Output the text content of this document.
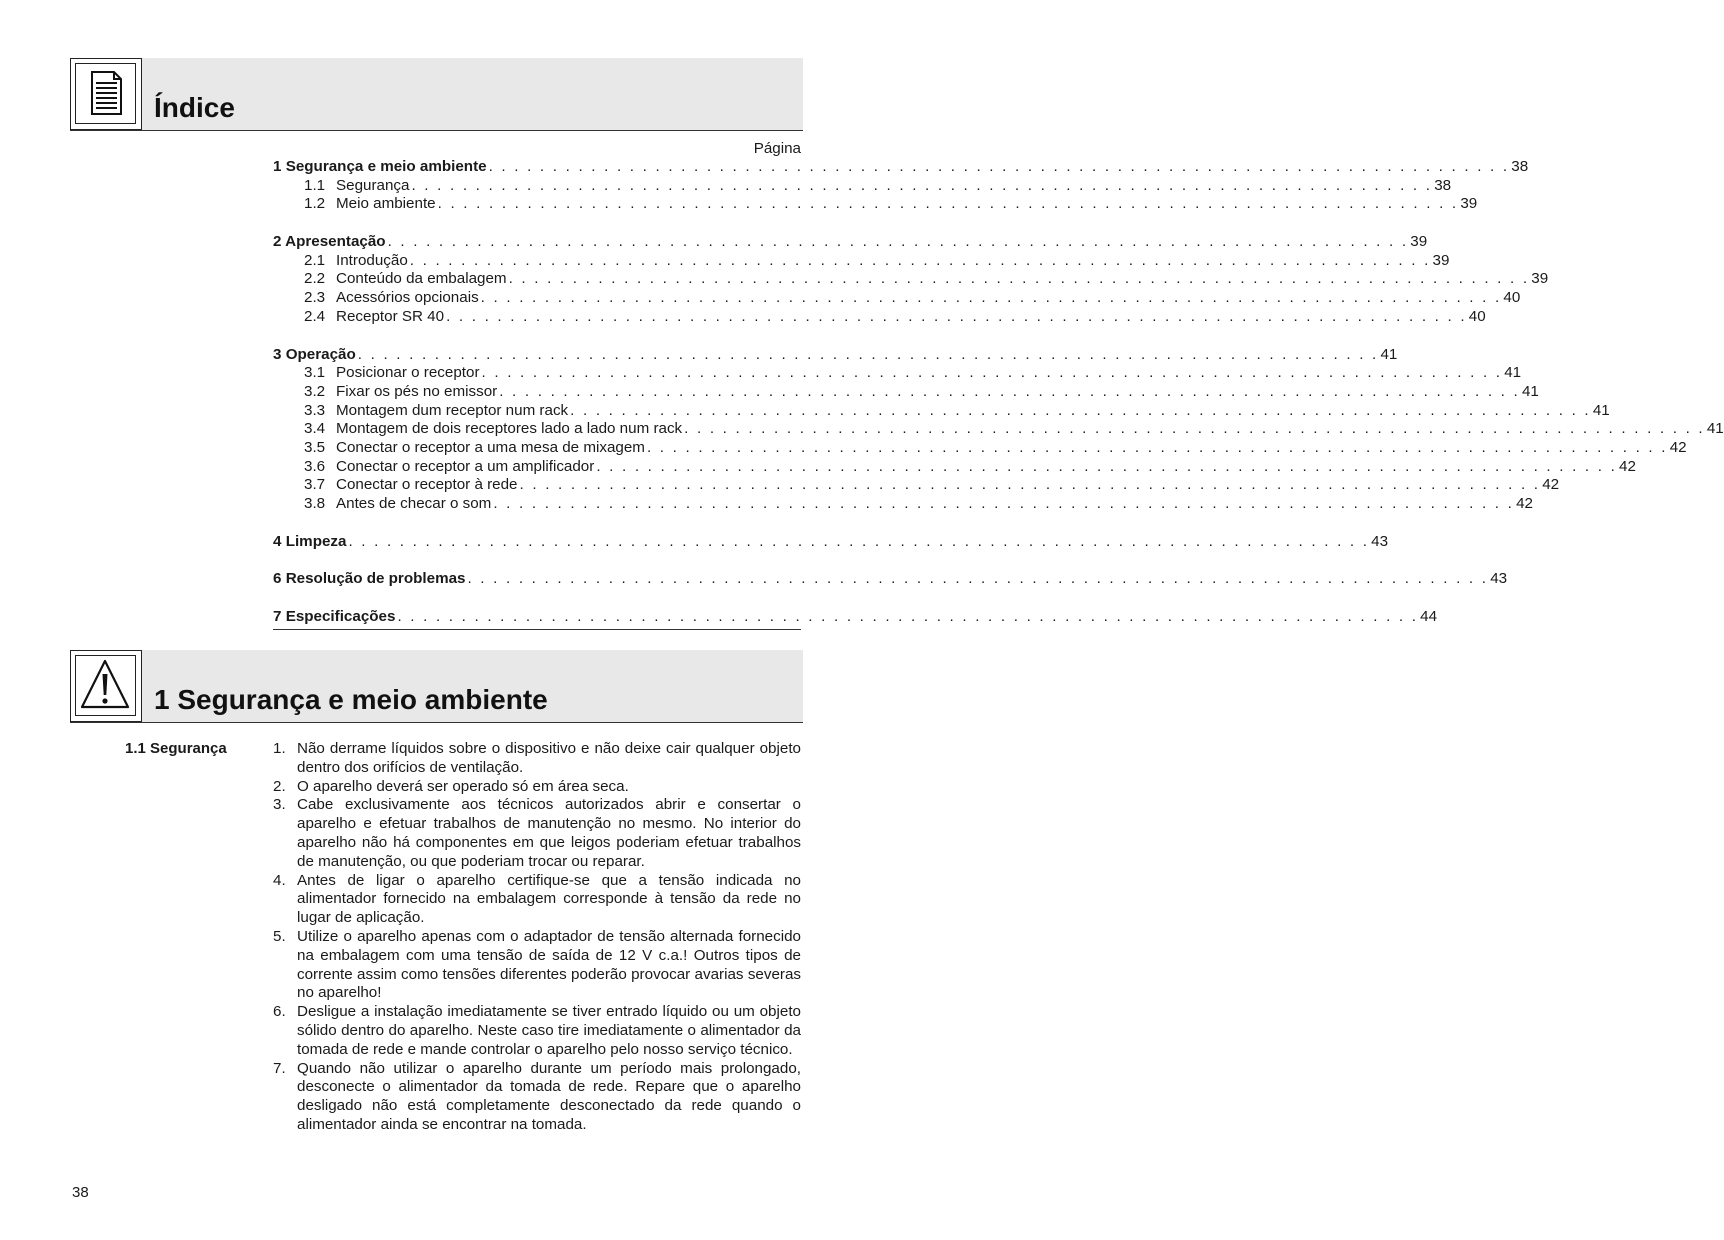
Índice
Página
1 Segurança e meio ambiente . . . . . . . . . . . . . . . . . . . . . . . . . . . . . . . . . . . . . . . . . . . . . . . . . . . . . . . . . . . . . . . . . . . . . . . . . . . . . . . . 38
1.1 Segurança . . . . . . . . . . . . . . . . . . . . . . . . . . . . . . . . . . . . . . . . . . . . . . . . . . . . . . . . . . . . . . . . . . . . . . . . . . . . . . . . 38
1.2 Meio ambiente . . . . . . . . . . . . . . . . . . . . . . . . . . . . . . . . . . . . . . . . . . . . . . . . . . . . . . . . . . . . . . . . . . . . . . . . . . . . . . . . 39
2 Apresentação . . . . . . . . . . . . . . . . . . . . . . . . . . . . . . . . . . . . . . . . . . . . . . . . . . . . . . . . . . . . . . . . . . . . . . . . . . . . . . . . 39
2.1 Introdução . . . . . . . . . . . . . . . . . . . . . . . . . . . . . . . . . . . . . . . . . . . . . . . . . . . . . . . . . . . . . . . . . . . . . . . . . . . . . . . . 39
2.2 Conteúdo da embalagem . . . . . . . . . . . . . . . . . . . . . . . . . . . . . . . . . . . . . . . . . . . . . . . . . . . . . . . . . . . . . . . . . . . . . . . . . . . . . . . . 39
2.3 Acessórios opcionais . . . . . . . . . . . . . . . . . . . . . . . . . . . . . . . . . . . . . . . . . . . . . . . . . . . . . . . . . . . . . . . . . . . . . . . . . . . . . . . . 40
2.4 Receptor SR 40 . . . . . . . . . . . . . . . . . . . . . . . . . . . . . . . . . . . . . . . . . . . . . . . . . . . . . . . . . . . . . . . . . . . . . . . . . . . . . . . . 40
3 Operação . . . . . . . . . . . . . . . . . . . . . . . . . . . . . . . . . . . . . . . . . . . . . . . . . . . . . . . . . . . . . . . . . . . . . . . . . . . . . . . . 41
3.1 Posicionar o receptor . . . . . . . . . . . . . . . . . . . . . . . . . . . . . . . . . . . . . . . . . . . . . . . . . . . . . . . . . . . . . . . . . . . . . . . . . . . . . . . . 41
3.2 Fixar os pés no emissor . . . . . . . . . . . . . . . . . . . . . . . . . . . . . . . . . . . . . . . . . . . . . . . . . . . . . . . . . . . . . . . . . . . . . . . . . . . . . . . . 41
3.3 Montagem dum receptor num rack . . . . . . . . . . . . . . . . . . . . . . . . . . . . . . . . . . . . . . . . . . . . . . . . . . . . . . . . . . . . . . . . . . . . . . . . . . . . . . . . 41
3.4 Montagem de dois receptores lado a lado num rack . . . . . . . . . . . . . . . . . . . . . . . . . . . . . . . . . . . . . . . . . . . . . . . . . . . . . . . . . . . . . . . . . . . . . . . . . . . . . . . . 41
3.5 Conectar o receptor a uma mesa de mixagem . . . . . . . . . . . . . . . . . . . . . . . . . . . . . . . . . . . . . . . . . . . . . . . . . . . . . . . . . . . . . . . . . . . . . . . . . . . . . . . . 42
3.6 Conectar o receptor a um amplificador . . . . . . . . . . . . . . . . . . . . . . . . . . . . . . . . . . . . . . . . . . . . . . . . . . . . . . . . . . . . . . . . . . . . . . . . . . . . . . . . 42
3.7 Conectar o receptor à rede . . . . . . . . . . . . . . . . . . . . . . . . . . . . . . . . . . . . . . . . . . . . . . . . . . . . . . . . . . . . . . . . . . . . . . . . . . . . . . . . 42
3.8 Antes de checar o som . . . . . . . . . . . . . . . . . . . . . . . . . . . . . . . . . . . . . . . . . . . . . . . . . . . . . . . . . . . . . . . . . . . . . . . . . . . . . . . . 42
4 Limpeza . . . . . . . . . . . . . . . . . . . . . . . . . . . . . . . . . . . . . . . . . . . . . . . . . . . . . . . . . . . . . . . . . . . . . . . . . . . . . . . . 43
6 Resolução de problemas . . . . . . . . . . . . . . . . . . . . . . . . . . . . . . . . . . . . . . . . . . . . . . . . . . . . . . . . . . . . . . . . . . . . . . . . . . . . . . . . 43
7 Especificações . . . . . . . . . . . . . . . . . . . . . . . . . . . . . . . . . . . . . . . . . . . . . . . . . . . . . . . . . . . . . . . . . . . . . . . . . . . . . . . . 44
1 Segurança e meio ambiente
1.1 Segurança	1. Não derrame líquidos sobre o dispositivo e não deixe cair qualquer objeto dentro dos orifícios de ventilação.
2. O aparelho deverá ser operado só em área seca.
3. Cabe exclusivamente aos técnicos autorizados abrir e consertar o aparelho e efetuar trabalhos de manutenção no mesmo. No interior do aparelho não há componentes em que leigos poderiam efetuar trabalhos de manutenção, ou que poderiam trocar ou reparar.
4. Antes de ligar o aparelho certifique-se que a tensão indicada no alimentador fornecido na embalagem corresponde à tensão da rede no lugar de aplicação.
5. Utilize o aparelho apenas com o adaptador de tensão alternada fornecido na embalagem com uma tensão de saída de 12 V c.a.! Outros tipos de corrente assim como tensões diferentes poderão provocar avarias severas no aparelho!
6. Desligue a instalação imediatamente se tiver entrado líquido ou um objeto sólido dentro do aparelho. Neste caso tire imediatamente o alimentador da tomada de rede e mande controlar o aparelho pelo nosso serviço técnico.
7. Quando não utilizar o aparelho durante um período mais prolongado, desconecte o alimentador da tomada de rede. Repare que o aparelho desligado não está completamente desconectado da rede quando o alimentador ainda se encontrar na tomada.
38
